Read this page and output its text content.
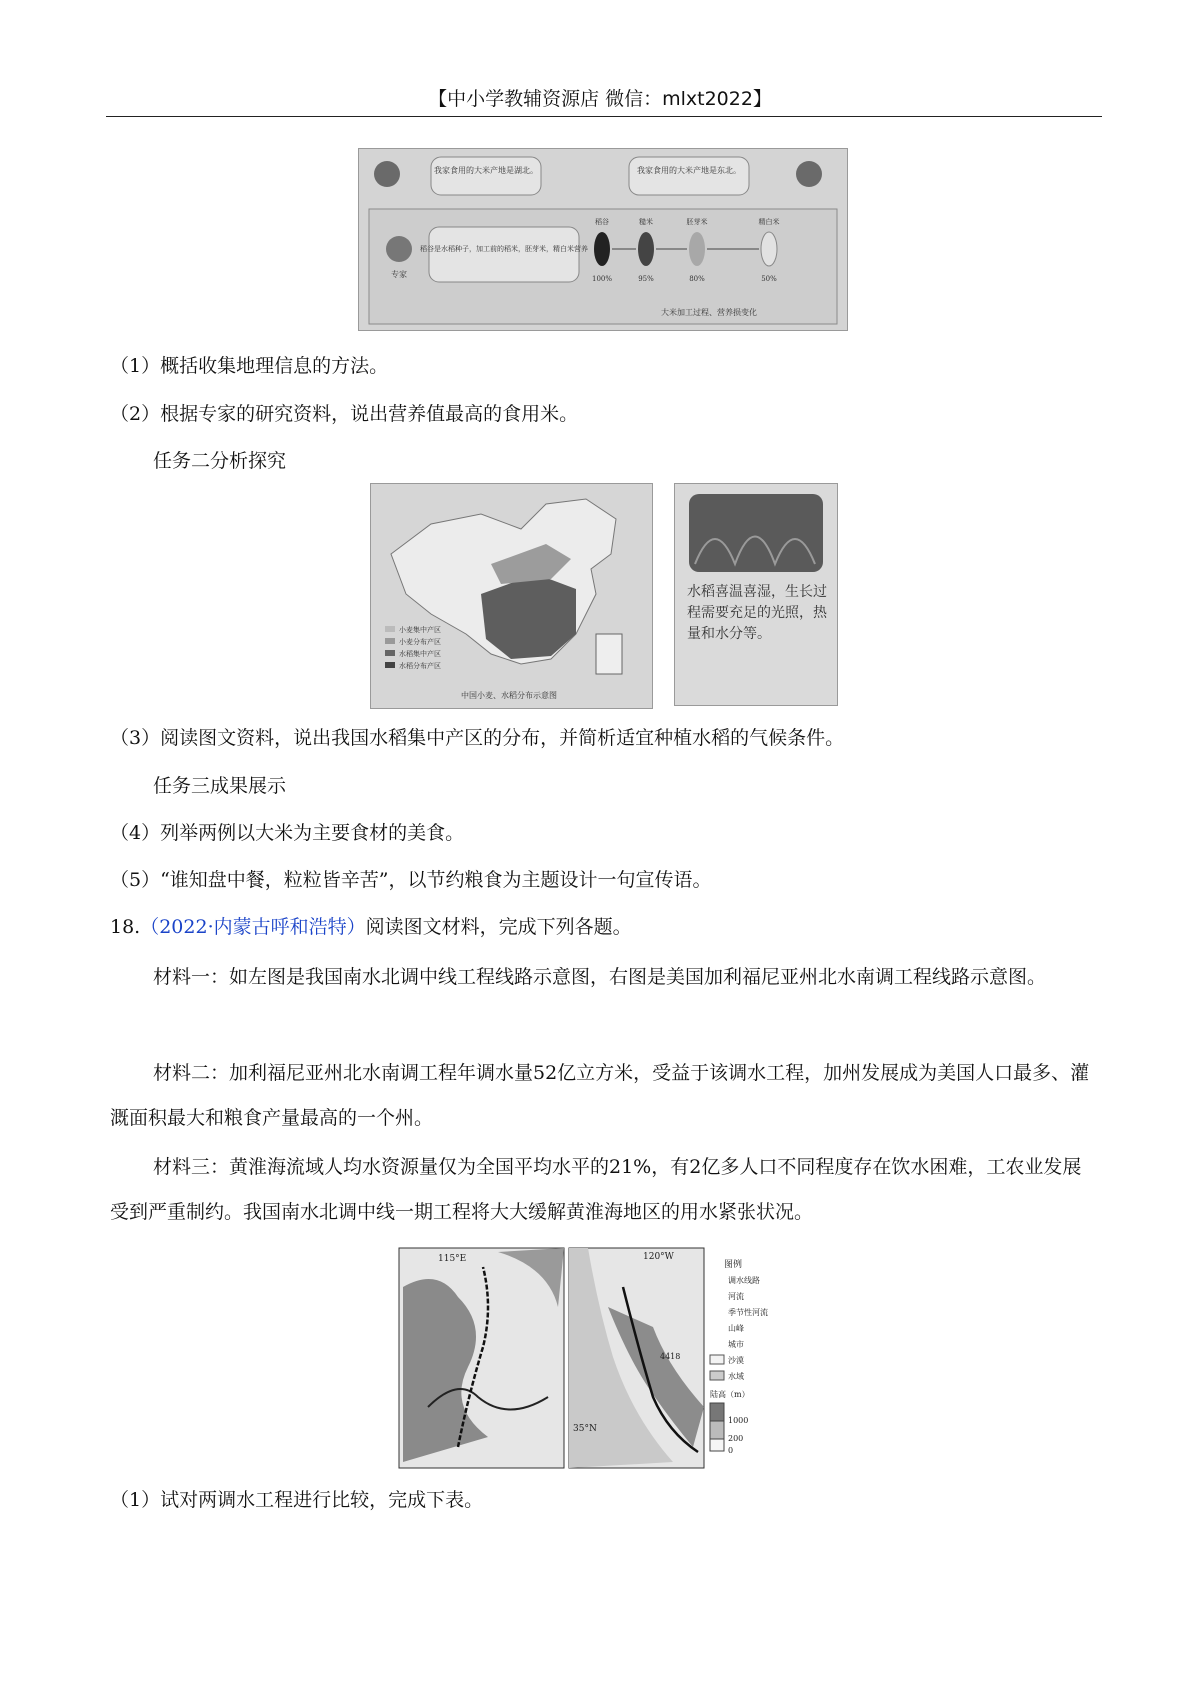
【中小学教辅资源店 微信：mlxt2022】
我家食用的大米产地是湖北。	我家食用的大米产地是东北。
专家
稻谷是水稻种子，加工前的稻米，胚芽米，精白米营养
稻谷	糙米	胚芽米	精白米
100%	95%	80%	50%
大米加工过程、营养损变化
（1）概括收集地理信息的方法。
（2）根据专家的研究资料，说出营养值最高的食用米。
任务二分析探究
小麦集中产区
小麦分布产区
水稻集中产区
水稻分布产区
中国小麦、水稻分布示意图
水稻喜温喜湿，生长过程需要充足的光照，热量和水分等。
（3）阅读图文资料，说出我国水稻集中产区的分布，并简析适宜种植水稻的气候条件。
任务三成果展示
（4）列举两例以大米为主要食材的美食。
（5）“谁知盘中餐，粒粒皆辛苦”，以节约粮食为主题设计一句宣传语。
18.（2022·内蒙古呼和浩特）阅读图文材料，完成下列各题。
材料一：如左图是我国南水北调中线工程线路示意图，右图是美国加利福尼亚州北水南调工程线路示意图。
材料二：加利福尼亚州北水南调工程年调水量52亿立方米，受益于该调水工程，加州发展成为美国人口最多、灌溉面积最大和粮食产量最高的一个州。
材料三：黄淮海流域人均水资源量仅为全国平均水平的21%，有2亿多人口不同程度存在饮水困难，工农业发展受到严重制约。我国南水北调中线一期工程将大大缓解黄淮海地区的用水紧张状况。
115°E	120°W
35°N
4418
图例
调水线路
河流
季节性河流
山峰
城市
沙漠
水域
陆高（m）
1000
200
0
（1）试对两调水工程进行比较，完成下表。
